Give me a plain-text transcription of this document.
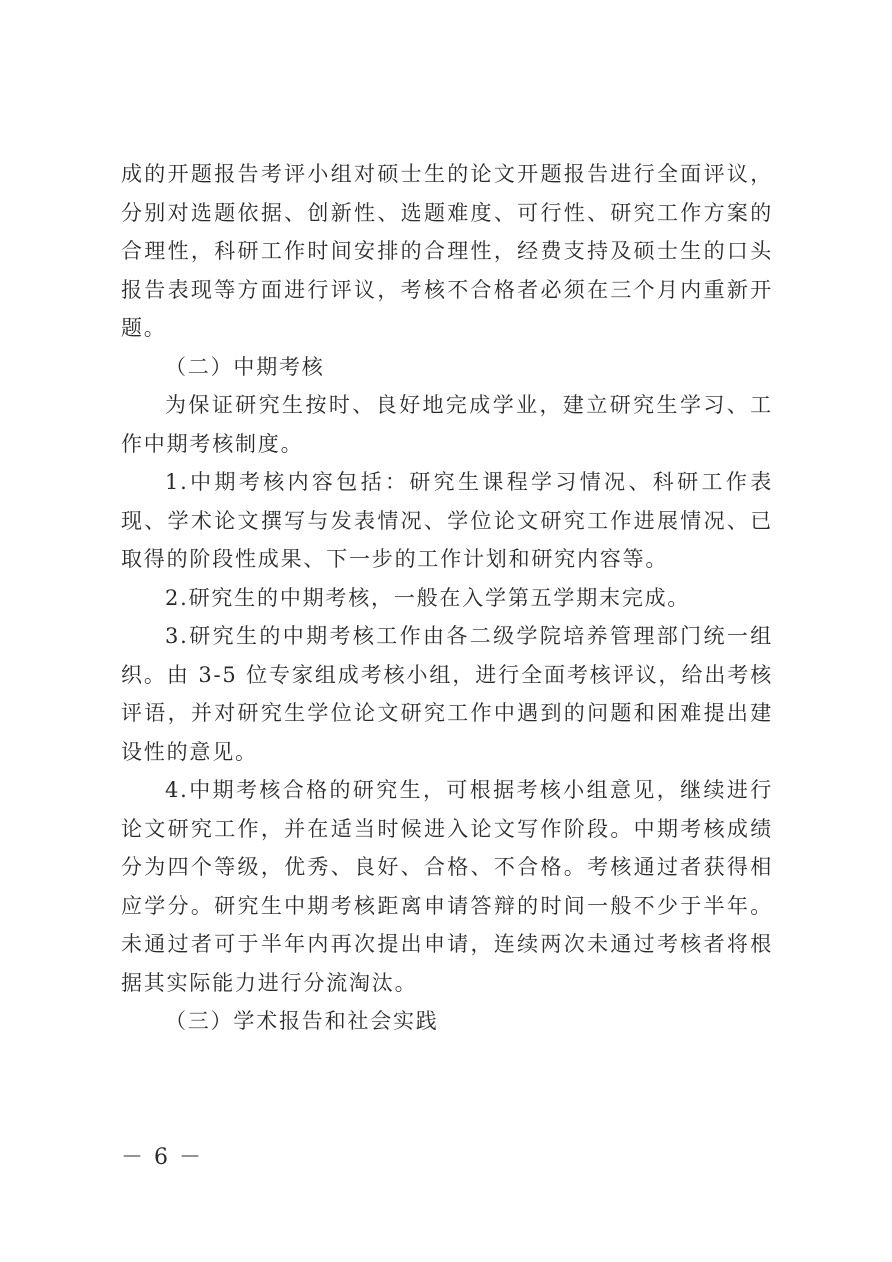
成的开题报告考评小组对硕士生的论文开题报告进行全面评议，分别对选题依据、创新性、选题难度、可行性、研究工作方案的合理性，科研工作时间安排的合理性，经费支持及硕士生的口头报告表现等方面进行评议，考核不合格者必须在三个月内重新开题。

（二）中期考核

为保证研究生按时、良好地完成学业，建立研究生学习、工作中期考核制度。

1.中期考核内容包括：研究生课程学习情况、科研工作表现、学术论文撰写与发表情况、学位论文研究工作进展情况、已取得的阶段性成果、下一步的工作计划和研究内容等。

2.研究生的中期考核，一般在入学第五学期末完成。

3.研究生的中期考核工作由各二级学院培养管理部门统一组织。由 3-5 位专家组成考核小组，进行全面考核评议，给出考核评语，并对研究生学位论文研究工作中遇到的问题和困难提出建设性的意见。

4.中期考核合格的研究生，可根据考核小组意见，继续进行论文研究工作，并在适当时候进入论文写作阶段。中期考核成绩分为四个等级，优秀、良好、合格、不合格。考核通过者获得相应学分。研究生中期考核距离申请答辩的时间一般不少于半年。未通过者可于半年内再次提出申请，连续两次未通过考核者将根据其实际能力进行分流淘汰。

（三）学术报告和社会实践

－ 6 －
